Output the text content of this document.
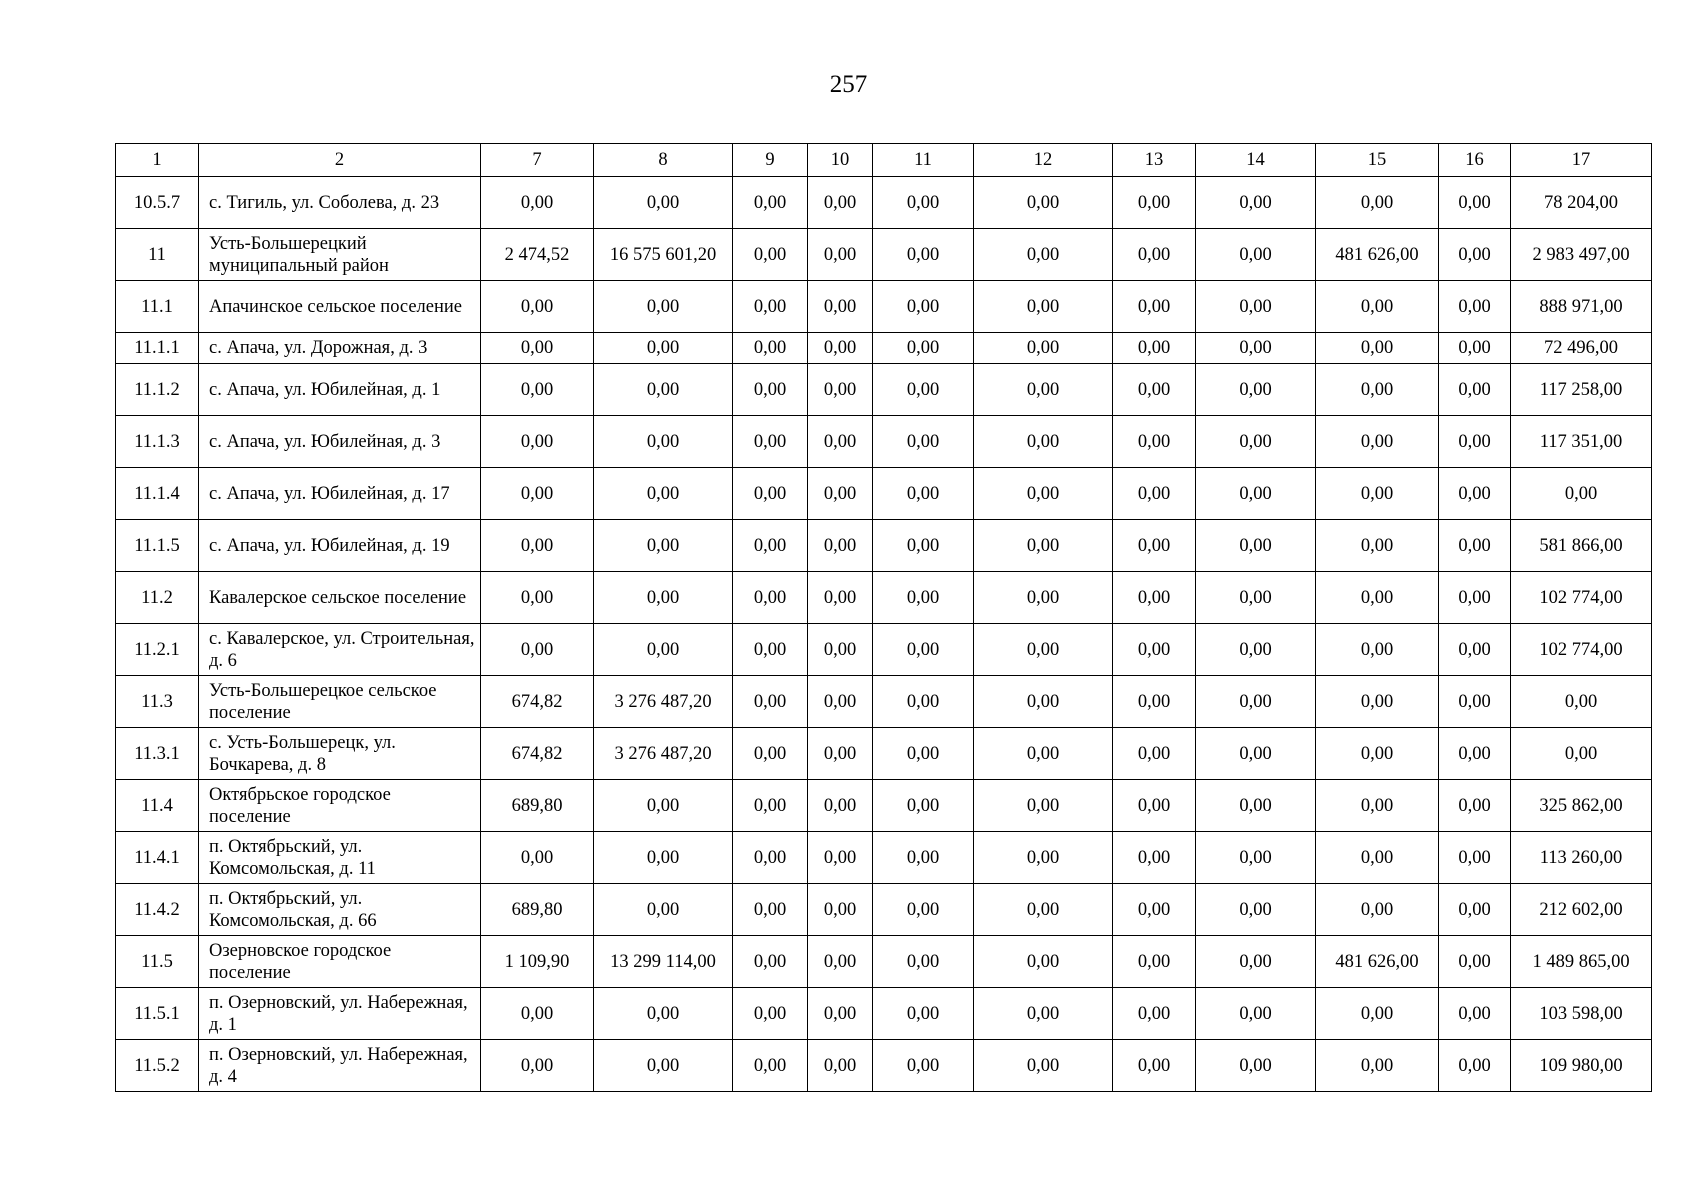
257
1	2	7	8	9	10	11	12	13	14	15	16	17
10.5.7	с. Тигиль, ул. Соболева, д. 23	0,00	0,00	0,00	0,00	0,00	0,00	0,00	0,00	0,00	0,00	78 204,00
11	Усть-Большерецкий муниципальный район	2 474,52	16 575 601,20	0,00	0,00	0,00	0,00	0,00	0,00	481 626,00	0,00	2 983 497,00
11.1	Апачинское сельское поселение	0,00	0,00	0,00	0,00	0,00	0,00	0,00	0,00	0,00	0,00	888 971,00
11.1.1	с. Апача, ул. Дорожная, д. 3	0,00	0,00	0,00	0,00	0,00	0,00	0,00	0,00	0,00	0,00	72 496,00
11.1.2	с. Апача, ул. Юбилейная, д. 1	0,00	0,00	0,00	0,00	0,00	0,00	0,00	0,00	0,00	0,00	117 258,00
11.1.3	с. Апача, ул. Юбилейная, д. 3	0,00	0,00	0,00	0,00	0,00	0,00	0,00	0,00	0,00	0,00	117 351,00
11.1.4	с. Апача, ул. Юбилейная, д. 17	0,00	0,00	0,00	0,00	0,00	0,00	0,00	0,00	0,00	0,00	0,00
11.1.5	с. Апача, ул. Юбилейная, д. 19	0,00	0,00	0,00	0,00	0,00	0,00	0,00	0,00	0,00	0,00	581 866,00
11.2	Кавалерское сельское поселение	0,00	0,00	0,00	0,00	0,00	0,00	0,00	0,00	0,00	0,00	102 774,00
11.2.1	с. Кавалерское, ул. Строительная, д. 6	0,00	0,00	0,00	0,00	0,00	0,00	0,00	0,00	0,00	0,00	102 774,00
11.3	Усть-Большерецкое сельское поселение	674,82	3 276 487,20	0,00	0,00	0,00	0,00	0,00	0,00	0,00	0,00	0,00
11.3.1	с. Усть-Большерецк, ул. Бочкарева, д. 8	674,82	3 276 487,20	0,00	0,00	0,00	0,00	0,00	0,00	0,00	0,00	0,00
11.4	Октябрьское городское поселение	689,80	0,00	0,00	0,00	0,00	0,00	0,00	0,00	0,00	0,00	325 862,00
11.4.1	п. Октябрьский, ул. Комсомольская, д. 11	0,00	0,00	0,00	0,00	0,00	0,00	0,00	0,00	0,00	0,00	113 260,00
11.4.2	п. Октябрьский, ул. Комсомольская, д. 66	689,80	0,00	0,00	0,00	0,00	0,00	0,00	0,00	0,00	0,00	212 602,00
11.5	Озерновское городское поселение	1 109,90	13 299 114,00	0,00	0,00	0,00	0,00	0,00	0,00	481 626,00	0,00	1 489 865,00
11.5.1	п. Озерновский, ул. Набережная, д. 1	0,00	0,00	0,00	0,00	0,00	0,00	0,00	0,00	0,00	0,00	103 598,00
11.5.2	п. Озерновский, ул. Набережная, д. 4	0,00	0,00	0,00	0,00	0,00	0,00	0,00	0,00	0,00	0,00	109 980,00
